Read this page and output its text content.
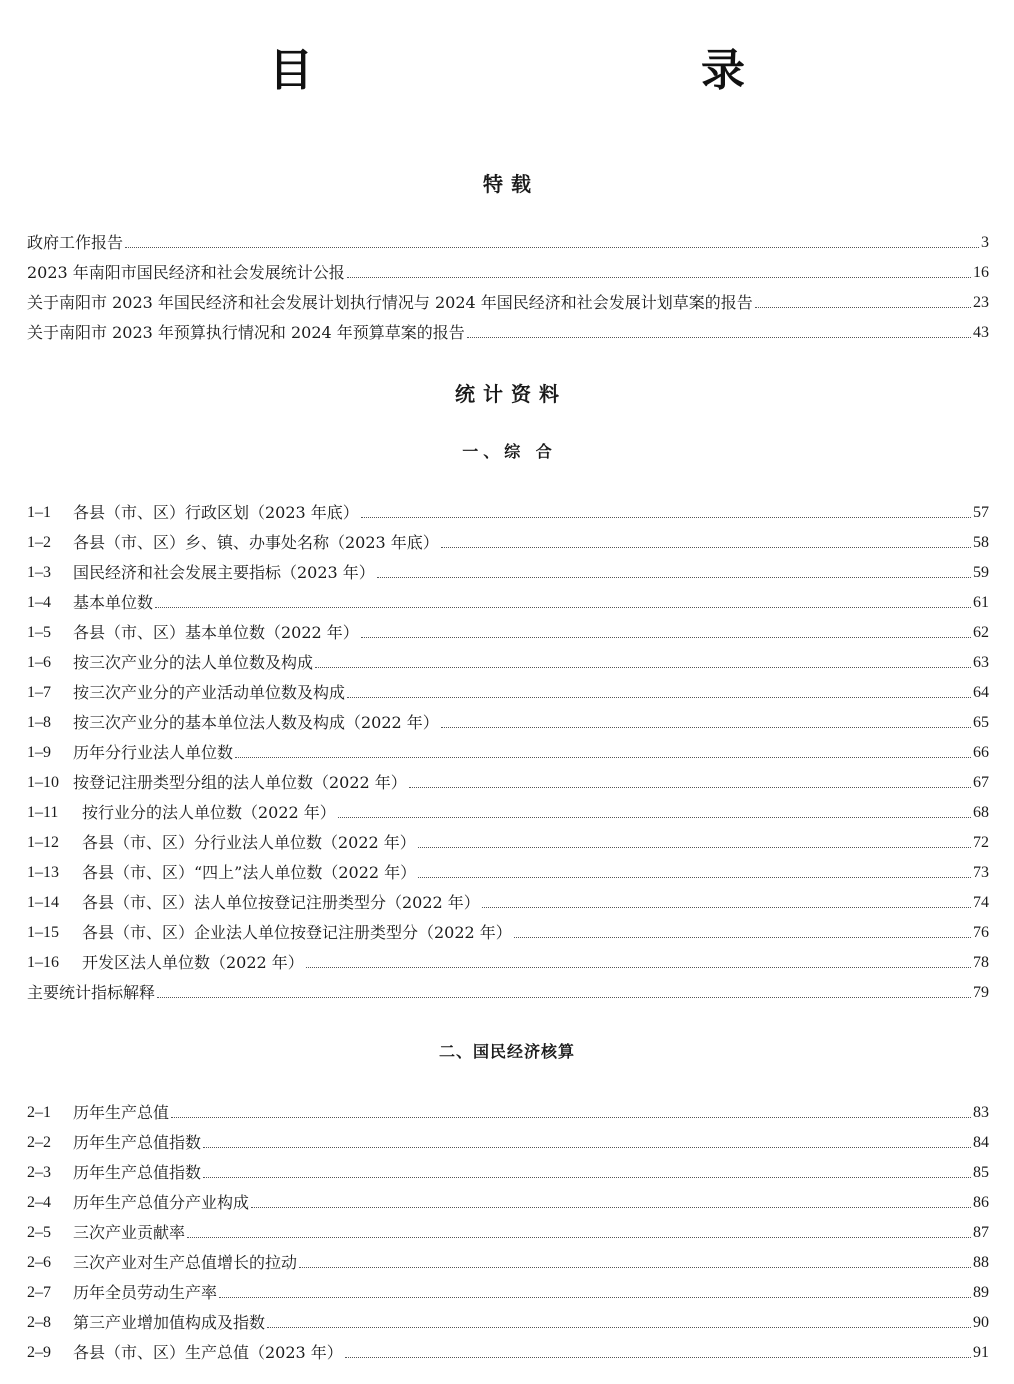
目　　录
特载
政府工作报告	3
2023 年南阳市国民经济和社会发展统计公报	16
关于南阳市 2023 年国民经济和社会发展计划执行情况与 2024 年国民经济和社会发展计划草案的报告	23
关于南阳市 2023 年预算执行情况和 2024 年预算草案的报告	43
统计资料
一、综 合
1–1	各县（市、区）行政区划（2023 年底）	57
1–2	各县（市、区）乡、镇、办事处名称（2023 年底）	58
1–3	国民经济和社会发展主要指标（2023 年）	59
1–4	基本单位数	61
1–5	各县（市、区）基本单位数（2022 年）	62
1–6	按三次产业分的法人单位数及构成	63
1–7	按三次产业分的产业活动单位数及构成	64
1–8	按三次产业分的基本单位法人数及构成（2022 年）	65
1–9	历年分行业法人单位数	66
1–10 按登记注册类型分组的法人单位数（2022 年）	67
1–11	按行业分的法人单位数（2022 年）	68
1–12	各县（市、区）分行业法人单位数（2022 年）	72
1–13	各县（市、区）“四上”法人单位数（2022 年）	73
1–14	各县（市、区）法人单位按登记注册类型分（2022 年）	74
1–15	各县（市、区）企业法人单位按登记注册类型分（2022 年）	76
1–16	开发区法人单位数（2022 年）	78
主要统计指标解释	79
二、国民经济核算
2–1	历年生产总值	83
2–2	历年生产总值指数	84
2–3	历年生产总值指数	85
2–4	历年生产总值分产业构成	86
2–5	三次产业贡献率	87
2–6	三次产业对生产总值增长的拉动	88
2–7	历年全员劳动生产率	89
2–8	第三产业增加值构成及指数	90
2–9	各县（市、区）生产总值（2023 年）	91
